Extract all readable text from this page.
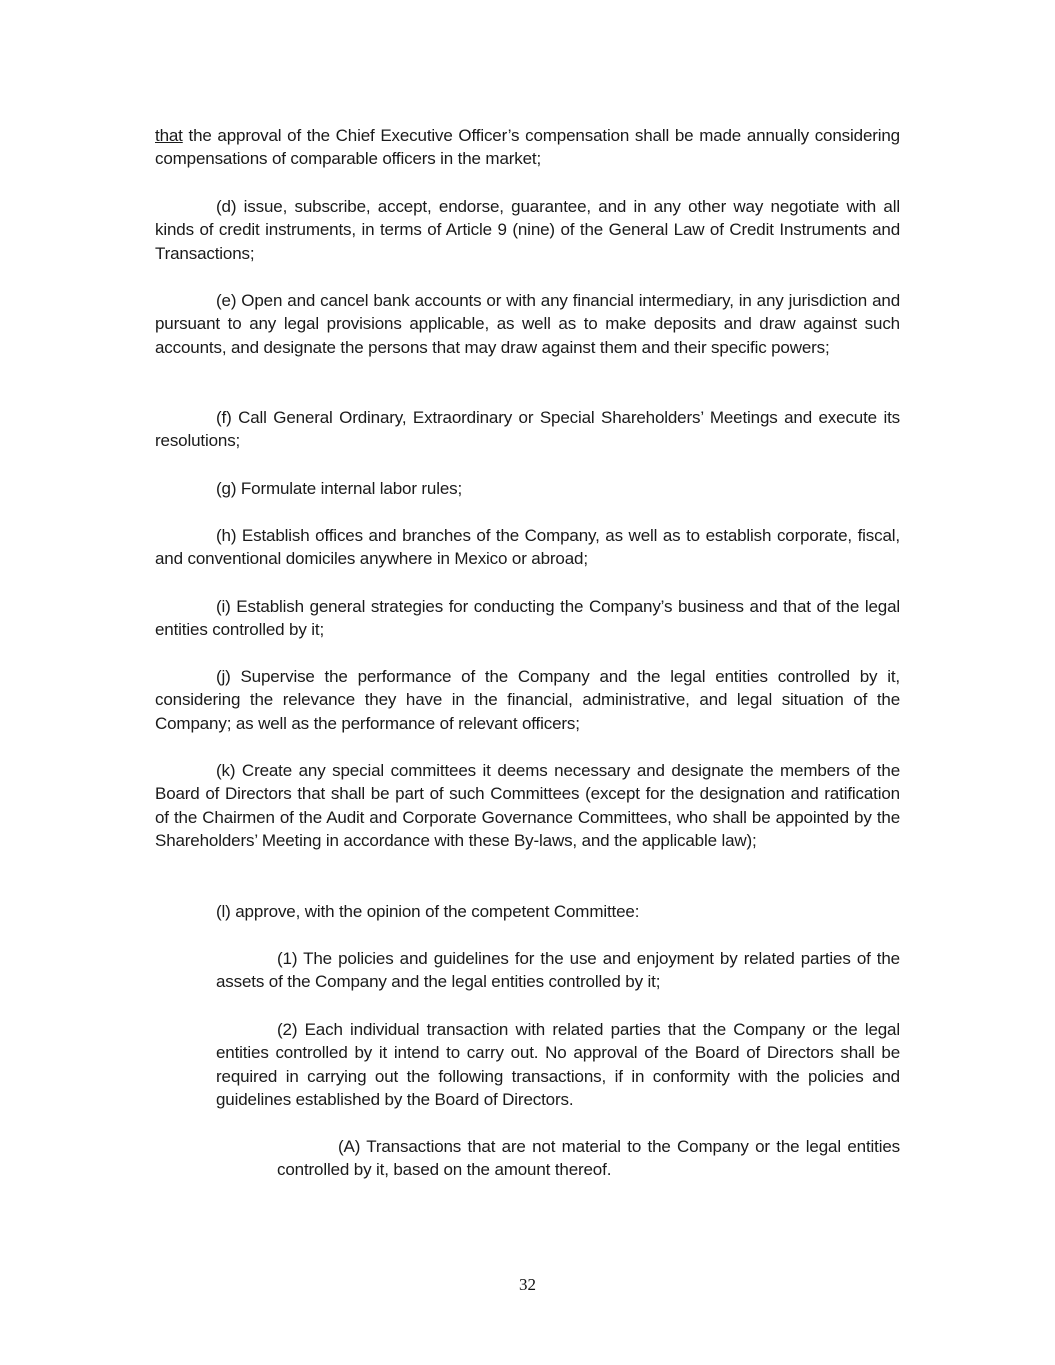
that the approval of the Chief Executive Officer’s compensation shall be made annually considering compensations of comparable officers in the market;

(d) issue, subscribe, accept, endorse, guarantee, and in any other way negotiate with all kinds of credit instruments, in terms of Article 9 (nine) of the General Law of Credit Instruments and Transactions;

(e) Open and cancel bank accounts or with any financial intermediary, in any jurisdiction and pursuant to any legal provisions applicable, as well as to make deposits and draw against such accounts, and designate the persons that may draw against them and their specific powers;

(f) Call General Ordinary, Extraordinary or Special Shareholders’ Meetings and execute its resolutions;

(g) Formulate internal labor rules;

(h) Establish offices and branches of the Company, as well as to establish corporate, fiscal, and conventional domiciles anywhere in Mexico or abroad;

(i) Establish general strategies for conducting the Company’s business and that of the legal entities controlled by it;

(j) Supervise the performance of the Company and the legal entities controlled by it, considering the relevance they have in the financial, administrative, and legal situation of the Company; as well as the performance of relevant officers;

(k) Create any special committees it deems necessary and designate the members of the Board of Directors that shall be part of such Committees (except for the designation and ratification of the Chairmen of the Audit and Corporate Governance Committees, who shall be appointed by the Shareholders’ Meeting in accordance with these By-laws, and the applicable law);

(l) approve, with the opinion of the competent Committee:

(1) The policies and guidelines for the use and enjoyment by related parties of the assets of the Company and the legal entities controlled by it;

(2) Each individual transaction with related parties that the Company or the legal entities controlled by it intend to carry out. No approval of the Board of Directors shall be required in carrying out the following transactions, if in conformity with the policies and guidelines established by the Board of Directors.

(A) Transactions that are not material to the Company or the legal entities controlled by it, based on the amount thereof.

32
